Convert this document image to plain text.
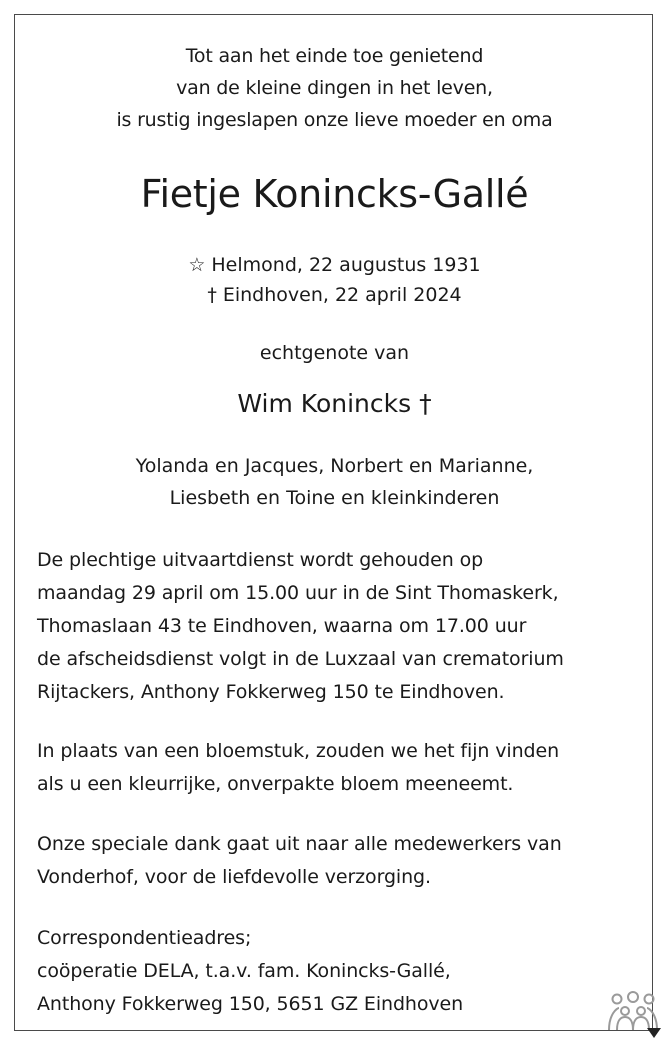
Tot aan het einde toe genietend
van de kleine dingen in het leven,
is rustig ingeslapen onze lieve moeder en oma
Fietje Konincks-Gallé
☆ Helmond, 22 augustus 1931
† Eindhoven, 22 april 2024
echtgenote van
Wim Konincks †
Yolanda en Jacques, Norbert en Marianne,
Liesbeth en Toine en kleinkinderen
De plechtige uitvaartdienst wordt gehouden op
maandag 29 april om 15.00 uur in de Sint Thomaskerk,
Thomaslaan 43 te Eindhoven, waarna om 17.00 uur
de afscheidsdienst volgt in de Luxzaal van crematorium
Rijtackers, Anthony Fokkerweg 150 te Eindhoven.
In plaats van een bloemstuk, zouden we het fijn vinden
als u een kleurrijke, onverpakte bloem meeneemt.
Onze speciale dank gaat uit naar alle medewerkers van
Vonderhof, voor de liefdevolle verzorging.
Correspondentieadres;
coöperatie DELA, t.a.v. fam. Konincks-Gallé,
Anthony Fokkerweg 150, 5651 GZ Eindhoven
